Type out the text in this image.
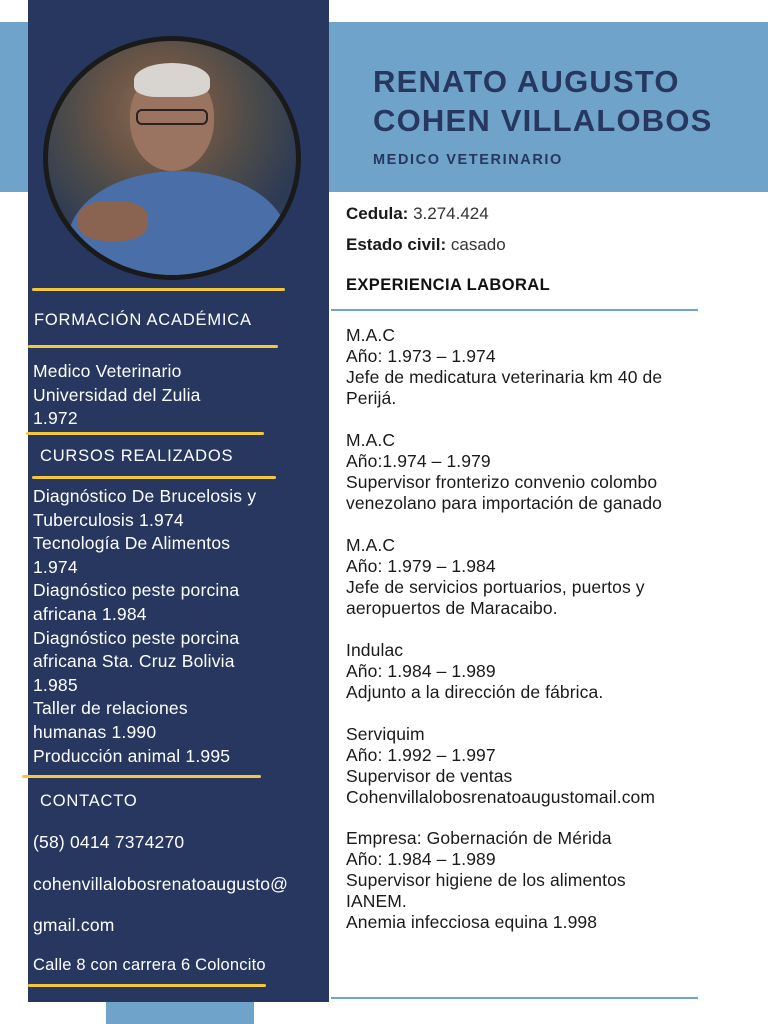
FORMACIÓN ACADÉMICA
Medico Veterinario
Universidad del Zulia
1.972
CURSOS REALIZADOS
Diagnóstico De Brucelosis y
Tuberculosis 1.974
Tecnología De Alimentos
1.974
Diagnóstico peste porcina
africana 1.984
Diagnóstico peste porcina
africana Sta. Cruz Bolivia
1.985
Taller de relaciones
humanas 1.990
Producción animal 1.995
CONTACTO
(58) 0414 7374270
cohenvillalobosrenatoaugusto@
gmail.com
Calle 8 con carrera 6 Coloncito
RENATO AUGUSTO
COHEN VILLALOBOS
MEDICO VETERINARIO
Cedula: 3.274.424
Estado civil: casado
EXPERIENCIA LABORAL
M.A.C
Año: 1.973 – 1.974
Jefe de medicatura veterinaria km 40 de
Perijá.
M.A.C
Año:1.974 – 1.979
Supervisor fronterizo convenio colombo
venezolano para importación de ganado
M.A.C
Año: 1.979 – 1.984
Jefe de servicios portuarios, puertos y
aeropuertos de Maracaibo.
Indulac
Año: 1.984 – 1.989
Adjunto a la dirección de fábrica.
Serviquim
Año: 1.992 – 1.997
Supervisor de ventas
Cohenvillalobosrenatoaugustomail.com
Empresa: Gobernación de Mérida
Año: 1.984 – 1.989
Supervisor higiene de los alimentos
IANEM.
Anemia infecciosa equina 1.998
